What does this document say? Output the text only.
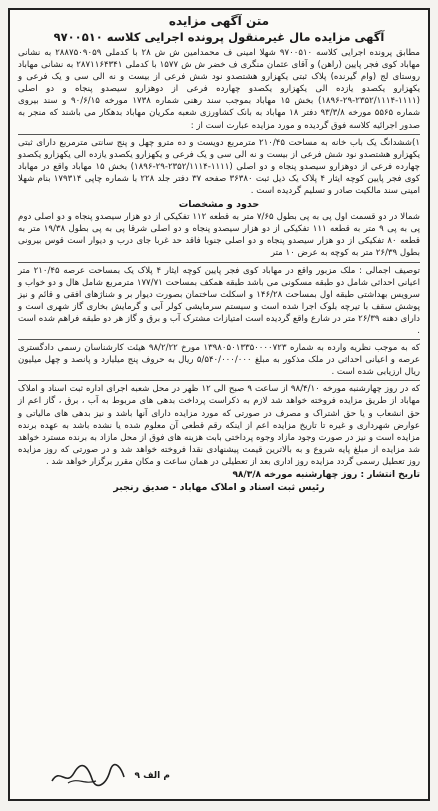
متن آگهی مزایده
آگهی مزایده مال غیرمنقول پرونده اجرایی کلاسه ۹۷۰۰۵۱۰

مطابق پرونده اجرایی کلاسه ۹۷۰۰۵۱۰ شهلا امینی ف محمدامین ش ش ۲۸ با کدملی ۲۸۸۷۵۰۹۰۵۹ به نشانی مهاباد کوی فجر پایین (راهن) و آقای عثمان منگری ف خضر ش ش ۱۵۷۷ با کدملی ۲۸۷۱۱۶۴۳۴۱ به نشانی مهاباد روستای لج (وام گیرنده) پلاک ثبتی یکهزارو هشتصدو نود شش فرعی از بیست و نه الی سی و یک فرعی و یکهزارو یکصدو یازده الی یکهزارو یکصدو چهارده فرعی از دوهزارو سیصدو پنجاه و دو اصلی (۱۱۱۱-۲۳۵۲/۱۱۱۴-۲۹-۱۸۹۶) بخش ۱۵ مهاباد بموجب سند رهنی شماره ۱۷۳۸ مورخه ۹۰/۶/۱۵ و سند بیروی شماره ۵۵۶۵ مورخه ۹۳/۳/۸ دفتر ۱۸ مهاباد به بانک کشاورزی شعبه مکریان مهاباد بدهکار می باشند که منجر به صدور اجرائیه کلاسه فوق گردیده و مورد مزایده عبارت است از :

۱)ششدانگ یک باب خانه به مساحت ۲۱۰/۴۵ مترمربع دویست و ده مترو چهل و پنج سانتی مترمربع دارای ثبتی یکهزارو هشتصدو نود شش فرعی از بیست و نه الی سی و یک فرعی و یکهزارو یکصدو یازده الی یکهزارو یکصدو چهارده فرعی از دوهزارو سیصدو پنجاه و دو اصلی (۱۱۱۱-۲۳۵۲/۱۱۱۴-۲۹-۱۸۹۶) بخش ۱۵ مهاباد واقع در مهاباد کوی فجر پایین کوچه ایثار ۴ پلاک یک ذیل ثبت ۳۶۳۸۰ صفحه ۳۷ دفتر جلد ۲۲۸ با شماره چاپی ۱۷۹۳۱۴ بنام شهلا امینی سند مالکیت صادر و تسلیم گردیده است .

حدود و مشخصات

شمالا در دو قسمت اول پی به پی بطول ۷/۶۵ متر به قطعه ۱۱۲ تفکیکی از دو هزار سیصدو پنجاه و دو اصلی دوم پی به پی ۹ متر به قطعه ۱۱۱ تفکیکی از دو هزار سیصدو پنجاه و دو اصلی شرقا پی به پی بطول ۱۹/۳۸ متر به قطعه ۸۰ تفکیکی از دو هزار سیصدو پنجاه و دو اصلی جنوبا فاقد حد غربا جای درب و دیوار است قوس بیرونی بطول ۲۶/۳۹ متر به کوچه به عرض ۱۰ متر

توصیف اجمالی : ملک مزبور واقع در مهاباد کوی فجر پایین کوچه ایثار ۴ پلاک یک بمساحت عرصه ۲۱۰/۴۵ متر اعیانی احداثی شامل دو طبقه مسکونی می باشد طبقه همکف بمساحت ۱۷۷/۷۱ مترمربع شامل هال و دو خواب و سرویس بهداشتی طبقه اول بمساحت ۱۴۶/۲۸ و اسکلت ساختمان بصورت دیوار بر و شناژهای افقی و قائم و نیز پوشش سقف با تیرچه بلوک اجرا شده است و سیستم سرمایشی کولر آبی و گرمایش بخاری گاز شهری است و دارای دهنه ۲۶/۳۹ متر در شارع واقع گردیده است امتیازات مشترک آب و برق و گاز هر دو طبقه فراهم شده است .

که به موجب نظریه وارده به شماره ۱۳۹۸۰۵۰۱۳۳۵۰۰۰۰۷۲۳ مورخ ۹۸/۲/۲۲ هیئت کارشناسان رسمی دادگستری عرصه و اعیانی احداثی در ملک مذکور به مبلغ ۵/۵۴۰/۰۰۰/۰۰۰ ریال به حروف پنج میلیارد و پانصد و چهل میلیون ریال ارزیابی شده است .

که در روز چهارشنبه مورخه ۹۸/۴/۱۰ از ساعت ۹ صبح الی ۱۲ ظهر در محل شعبه اجرای اداره ثبت اسناد و املاک مهاباد از طریق مزایده فروخته خواهد شد لازم به ذکراست پرداخت بدهی های مربوط به آب ، برق ، گاز اعم از حق انشعاب و یا حق اشتراک و مصرف در صورتی که مورد مزایده دارای آنها باشد و نیز بدهی های مالیاتی و عوارض شهرداری و غیره تا تاریخ مزایده اعم از اینکه رقم قطعی آن معلوم شده یا نشده باشد به عهده برنده مزایده است و نیز در صورت وجود مازاد وجوه پرداختی بابت هزینه های فوق از محل مازاد به برنده مسترد خواهد شد مزایده از مبلغ پایه شروع و به بالاترین قیمت پیشنهادی نقدا فروخته خواهد شد و در صورتی که روز مزایده روز تعطیل رسمی گردد مزایده روز اداری بعد از تعطیلی در همان ساعت و مکان مقرر برگزار خواهد شد .

تاریخ انتشار : روز چهارشنبه مورخه ۹۸/۳/۸
رئیس ثبت اسناد و املاک مهاباد - صدیق رنجبر
م الف ۹
